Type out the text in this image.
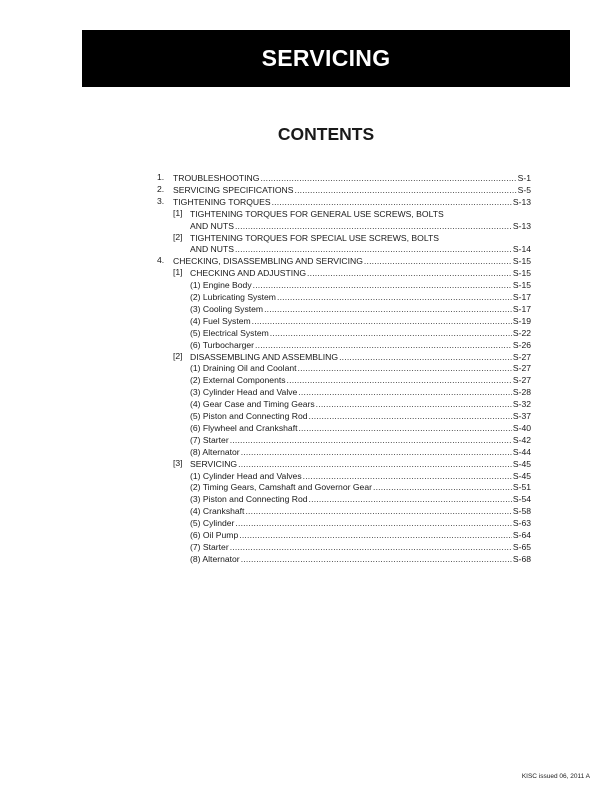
SERVICING
CONTENTS
1. TROUBLESHOOTING .....	S-1
2. SERVICING SPECIFICATIONS .....	S-5
3. TIGHTENING TORQUES .....	S-13
[1] TIGHTENING TORQUES FOR GENERAL USE SCREWS, BOLTS
AND NUTS .....	S-13
[2] TIGHTENING TORQUES FOR SPECIAL USE SCREWS, BOLTS
AND NUTS .....	S-14
4. CHECKING, DISASSEMBLING AND SERVICING .....	S-15
[1] CHECKING AND ADJUSTING .....	S-15
(1) Engine Body .....	S-15
(2) Lubricating System .....	S-17
(3) Cooling System .....	S-17
(4) Fuel System .....	S-19
(5) Electrical System .....	S-22
(6) Turbocharger .....	S-26
[2] DISASSEMBLING AND ASSEMBLING .....	S-27
(1) Draining Oil and Coolant .....	S-27
(2) External Components .....	S-27
(3) Cylinder Head and Valve .....	S-28
(4) Gear Case and Timing Gears .....	S-32
(5) Piston and Connecting Rod .....	S-37
(6) Flywheel and Crankshaft .....	S-40
(7) Starter .....	S-42
(8) Alternator .....	S-44
[3] SERVICING .....	S-45
(1) Cylinder Head and Valves .....	S-45
(2) Timing Gears, Camshaft and Governor Gear .....	S-51
(3) Piston and Connecting Rod .....	S-54
(4) Crankshaft .....	S-58
(5) Cylinder .....	S-63
(6) Oil Pump .....	S-64
(7) Starter .....	S-65
(8) Alternator .....	S-68
KISC issued 06, 2011 A
